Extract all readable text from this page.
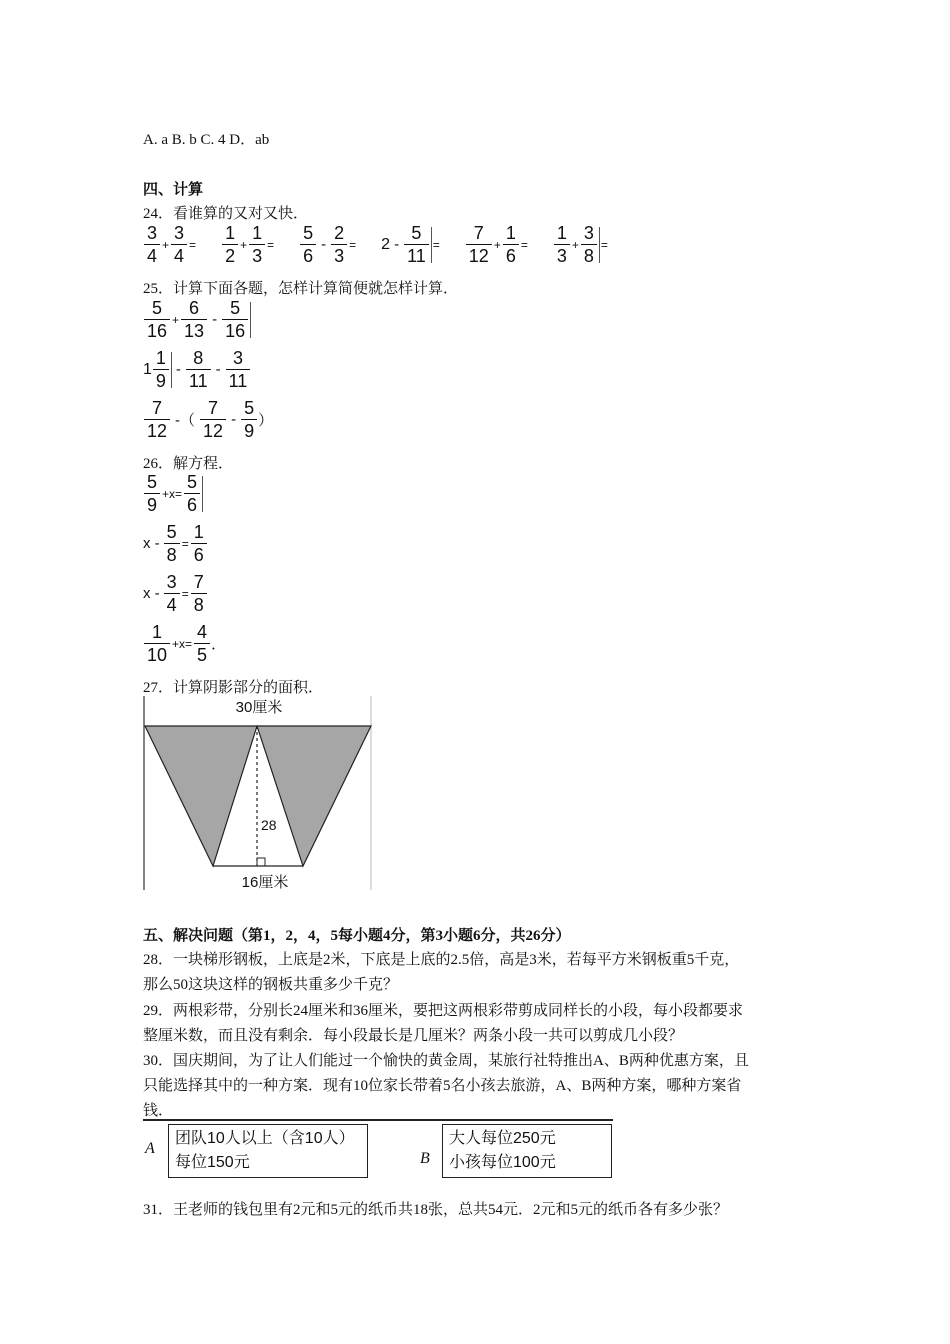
A. a B. b C. 4 D．ab
四、计算
24．看谁算的又对又快．
$\frac{3}{4} + \frac{3}{4} = \frac{1}{2} + \frac{1}{3} = \frac{5}{6} - \frac{2}{3} = 2 - \frac{5}{11} = \frac{7}{12} + \frac{1}{6} = \frac{1}{3} + \frac{3}{8}$ =
25．计算下面各题，怎样计算简便就怎样计算．
$\frac{5}{16} + \frac{6}{13} - \frac{5}{16}$
$1 \frac{1}{9} - \frac{8}{11} - \frac{3}{11}$
$\frac{7}{12}$ -（ $\frac{7}{12} - \frac{5}{9}$ ）
26．解方程．
$\frac{5}{9} +x= \frac{5}{6}$
$x - \frac{5}{8} = \frac{1}{6}$
$x - \frac{3}{4} = \frac{7}{8}$
$\frac{1}{10} +x= \frac{4}{5}$ ．
27．计算阴影部分的面积．
30厘米
28
16厘米
五、解决问题（第1，2，4，5每小题4分，第3小题6分，共26分）
28．一块梯形钢板，上底是2米，下底是上底的2.5倍，高是3米，若每平方米钢板重5千克，
那么50这块这样的钢板共重多少千克？
29．两根彩带，分别长24厘米和36厘米，要把这两根彩带剪成同样长的小段，每小段都要求
整厘米数，而且没有剩余．每小段最长是几厘米？两条小段一共可以剪成几小段？
30．国庆期间，为了让人们能过一个愉快的黄金周，某旅行社特推出A、B两种优惠方案，且
只能选择其中的一种方案．现有10位家长带着5名小孩去旅游，A、B两种方案，哪种方案省
钱．
A
团队10人以上（含10人）
每位150元	B
大人每位250元
小孩每位100元
31．王老师的钱包里有2元和5元的纸币共18张，总共54元．2元和5元的纸币各有多少张？
